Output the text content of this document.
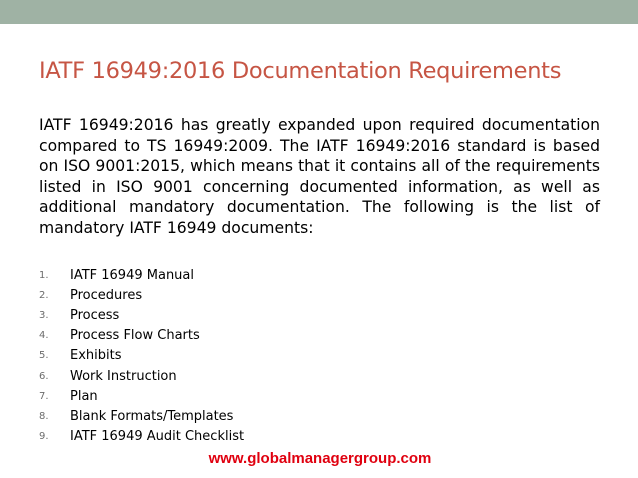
IATF 16949:2016 Documentation Requirements

IATF 16949:2016 has greatly expanded upon required documentation compared to TS 16949:2009. The IATF 16949:2016 standard is based on ISO 9001:2015, which means that it contains all of the requirements listed in ISO 9001 concerning documented information, as well as additional mandatory documentation. The following is the list of mandatory IATF 16949 documents:

1.	IATF 16949 Manual
2.	Procedures
3.	Process
4.	Process Flow Charts
5.	Exhibits
6.	Work Instruction
7.	Plan
8.	Blank Formats/Templates
9.	IATF 16949 Audit Checklist
www.globalmanagergroup.com
